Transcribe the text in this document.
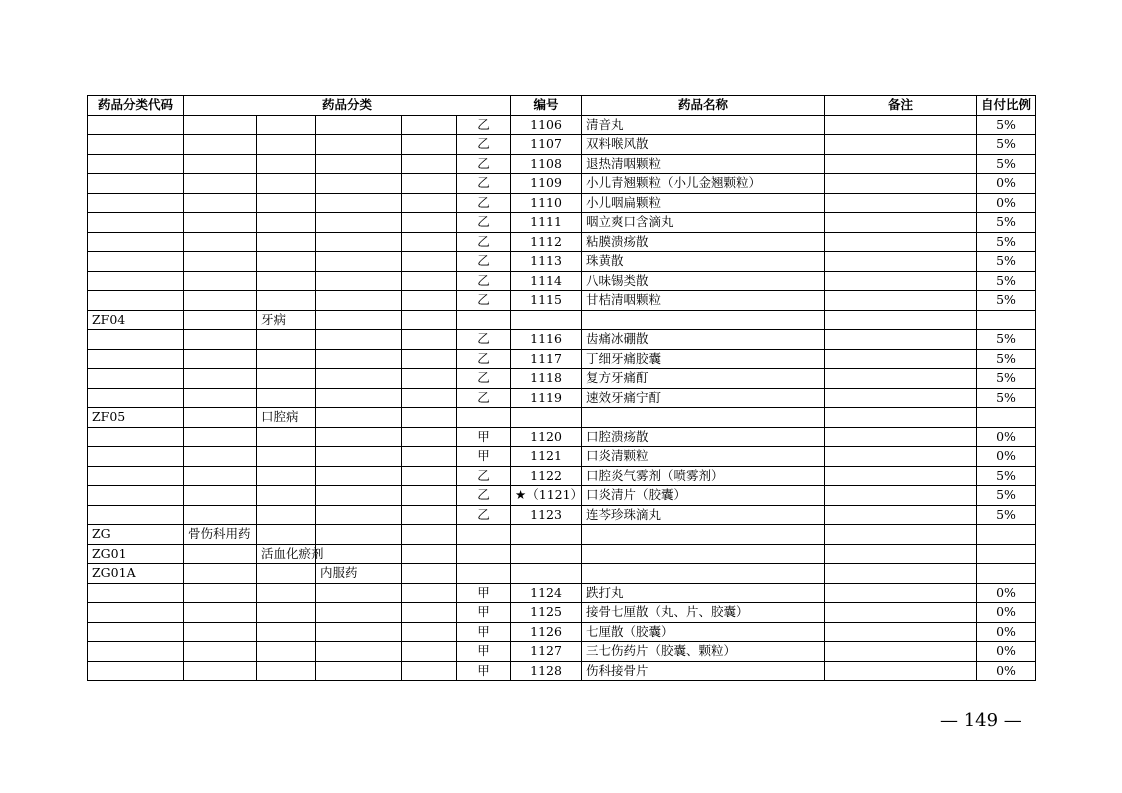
药品分类代码	药品分类					编号	药品名称	备注	自付比例
					乙	1106	清音丸		5%
					乙	1107	双料喉风散		5%
					乙	1108	退热清咽颗粒		5%
					乙	1109	小儿青翘颗粒（小儿金翘颗粒）		0%
					乙	1110	小儿咽扁颗粒		0%
					乙	1111	咽立爽口含滴丸		5%
					乙	1112	粘膜溃疡散		5%
					乙	1113	珠黄散		5%
					乙	1114	八味锡类散		5%
					乙	1115	甘桔清咽颗粒		5%
ZF04		牙病							
					乙	1116	齿痛冰硼散		5%
					乙	1117	丁细牙痛胶囊		5%
					乙	1118	复方牙痛酊		5%
					乙	1119	速效牙痛宁酊		5%
ZF05		口腔病							
					甲	1120	口腔溃疡散		0%
					甲	1121	口炎清颗粒		0%
					乙	1122	口腔炎气雾剂（喷雾剂）		5%
					乙	★（1121）	口炎清片（胶囊）		5%
					乙	1123	连芩珍珠滴丸		5%
ZG	骨伤科用药								
ZG01		活血化瘀剂							
ZG01A			内服药						
					甲	1124	跌打丸		0%
					甲	1125	接骨七厘散（丸、片、胶囊）		0%
					甲	1126	七厘散（胶囊）		0%
					甲	1127	三七伤药片（胶囊、颗粒）		0%
					甲	1128	伤科接骨片		0%
— 149 —
